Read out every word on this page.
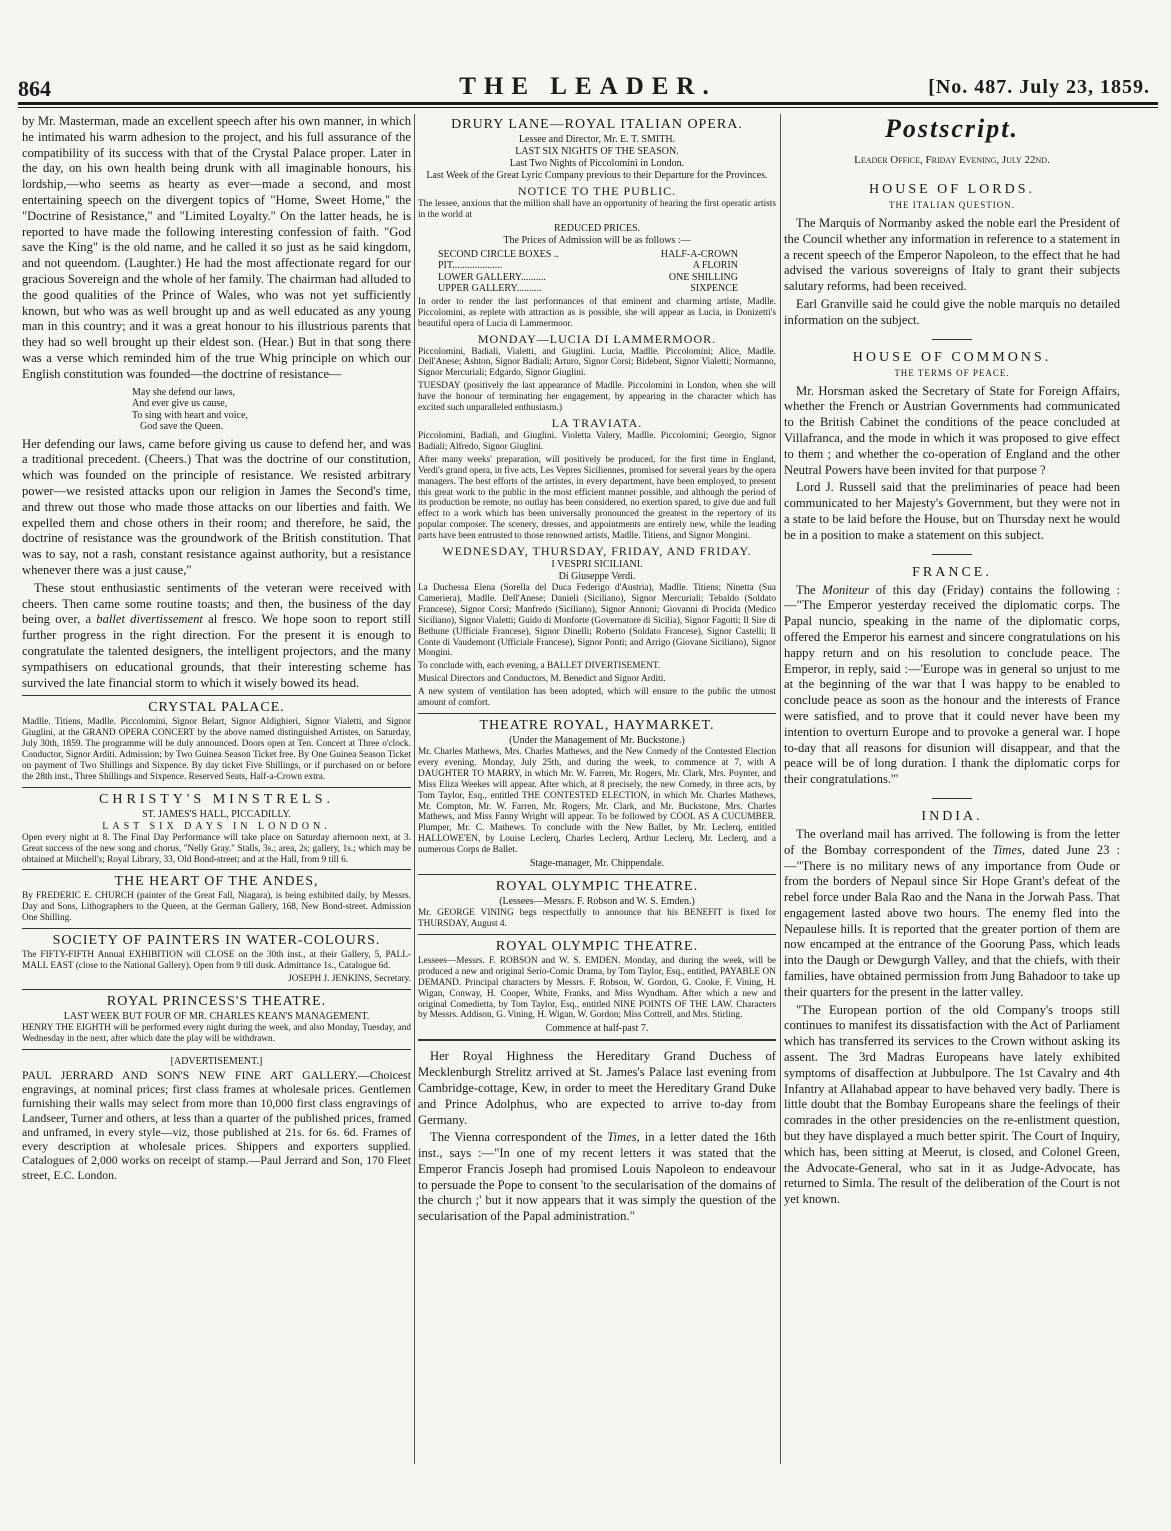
864	THE LEADER.	[No. 487. July 23, 1859.

by Mr. Masterman, made an excellent speech after his own manner, in which he intimated his warm adhesion to the project, and his full assurance of the compatibility of its success with that of the Crystal Palace proper. Later in the day, on his own health being drunk with all imaginable honours, his lordship,—who seems as hearty as ever—made a second, and most entertaining speech on the divergent topics of "Home, Sweet Home," the "Doctrine of Resistance," and "Limited Loyalty." On the latter heads, he is reported to have made the following interesting confession of faith. "God save the King" is the old name, and he called it so just as he said kingdom, and not queendom. (Laughter.) He had the most affectionate regard for our gracious Sovereign and the whole of her family. The chairman had alluded to the good qualities of the Prince of Wales, who was not yet sufficiently known, but who was as well brought up and as well educated as any young man in this country; and it was a great honour to his illustrious parents that they had so well brought up their eldest son. (Hear.) But in that song there was a verse which reminded him of the true Whig principle on which our English constitution was founded—the doctrine of resistance—

May she defend our laws,
And ever give us cause,
To sing with heart and voice,
God save the Queen.

Her defending our laws, came before giving us cause to defend her, and was a traditional precedent. (Cheers.) That was the doctrine of our constitution, which was founded on the principle of resistance. We resisted arbitrary power—we resisted attacks upon our religion in James the Second's time, and threw out those who made those attacks on our liberties and faith. We expelled them and chose others in their room; and therefore, he said, the doctrine of resistance was the groundwork of the British constitution. That was to say, not a rash, constant resistance against authority, but a resistance whenever there was a just cause,"

These stout enthusiastic sentiments of the veteran were received with cheers. Then came some routine toasts; and then, the business of the day being over, a ballet divertissement al fresco. We hope soon to report still further progress in the right direction. For the present it is enough to congratulate the talented designers, the intelligent projectors, and the many sympathisers on educational grounds, that their interesting scheme has survived the late financial storm to which it wisely bowed its head.

CRYSTAL PALACE.

Madlle. Titiens, Madlle. Piccolomini, Signor Belart, Signor Aldighieri, Signor Vialetti, and Signor Giuglini, at the GRAND OPERA CONCERT by the above named distinguished Artistes, on Saturday, July 30th, 1859. The programme will be duly announced. Doors open at Ten. Concert at Three o'clock. Conductor, Signor Arditi. Admission; by Two Guinea Season Ticket free. By One Guinea Season Ticket on payment of Two Shillings and Sixpence. By day ticket Five Shillings, or if purchased on or before the 28th inst., Three Shillings and Sixpence. Reserved Seats, Half-a-Crown extra.

CHRISTY'S MINSTRELS.
ST. JAMES'S HALL, PICCADILLY.
LAST SIX DAYS IN LONDON.

Open every night at 8. The Final Day Performance will take place on Saturday afternoon next, at 3. Great success of the new song and chorus, "Nelly Gray." Stalls, 3s.; area, 2s; gallery, 1s.; which may be obtained at Mitchell's; Royal Library, 33, Old Bond-street; and at the Hall, from 9 till 6.

THE HEART OF THE ANDES,

By FREDERIC E. CHURCH (painter of the Great Fall, Niagara), is being exhibited daily, by Messrs. Day and Sons, Lithographers to the Queen, at the German Gallery, 168, New Bond-street. Admission One Shilling.

SOCIETY OF PAINTERS IN WATER-COLOURS.

The FIFTY-FIFTH Annual EXHIBITION will CLOSE on the 30th inst., at their Gallery, 5, PALL-MALL EAST (close to the National Gallery). Open from 9 till dusk. Admittance 1s., Catalogue 6d.

JOSEPH J. JENKINS, Secretary.

ROYAL PRINCESS'S THEATRE.
LAST WEEK BUT FOUR OF MR. CHARLES KEAN'S MANAGEMENT.

HENRY THE EIGHTH will be performed every night during the week, and also Monday, Tuesday, and Wednesday in the next, after which date the play will be withdrawn.

[ADVERTISEMENT.]

PAUL JERRARD AND SON'S NEW FINE ART GALLERY.—Choicest engravings, at nominal prices; first class frames at wholesale prices. Gentlemen furnishing their walls may select from more than 10,000 first class engravings of Landseer, Turner and others, at less than a quarter of the published prices, framed and unframed, in every style—viz, those published at 21s. for 6s. 6d. Frames of every description at wholesale prices. Shippers and exporters supplied. Catalogues of 2,000 works on receipt of stamp.—Paul Jerrard and Son, 170 Fleet street, E.C. London.

DRURY LANE—ROYAL ITALIAN OPERA.
Lessee and Director, Mr. E. T. SMITH.
LAST SIX NIGHTS OF THE SEASON.
Last Two Nights of Piccolomini in London.
Last Week of the Great Lyric Company previous to their Departure for the Provinces.
NOTICE TO THE PUBLIC.

The lessee, anxious that the million shall have an opportunity of hearing the first operatic artists in the world at

REDUCED PRICES.
The Prices of Admission will be as follows :—
SECOND CIRCLE BOXES ..	HALF-A-CROWN
PIT....................	A FLORIN
LOWER GALLERY..........	ONE SHILLING
UPPER GALLERY..........	SIXPENCE

In order to render the last performances of that eminent and charming artiste, Madlle. Piccolomini, as replete with attraction as is possible, she will appear as Lucia, in Donizetti's beautiful opera of Lucia di Lammermoor.

MONDAY—LUCIA DI LAMMERMOOR.

Piccolomini, Badiali, Vialetti, and Giuglini. Lucia, Madlle. Piccolomini; Alice, Madlle. Dell'Anese; Ashton, Signor Badiali; Arturo, Signor Corsi; Bidebent, Signor Vialetti; Normanno, Signor Mercuriali; Edgardo, Signor Giuglini.

TUESDAY (positively the last appearance of Madlle. Piccolomini in London, when she will have the honour of terminating her engagement, by appearing in the character which has excited such unparalleled enthusiasm.)

LA TRAVIATA.

Piccolomini, Badiali, and Giuglini. Violetta Valery, Madlle. Piccolomini; Georgio, Signor Badiali; Alfredo, Signor Giuglini.

After many weeks' preparation, will positively be produced, for the first time in England, Verdi's grand opera, in five acts, Les Vepres Siciliennes, promised for several years by the opera managers. The best efforts of the artistes, in every department, have been employed, to present this great work to the public in the most efficient manner possible, and although the period of its production be remote, no outlay has been considered, no exertion spared, to give due and full effect to a work which has been universally pronounced the greatest in the repertory of its popular composer. The scenery, dresses, and appointments are entirely new, while the leading parts have been entrusted to those renowned artists, Madlle. Titiens, and Signor Mongini.

WEDNESDAY, THURSDAY, FRIDAY, AND FRIDAY.
I VESPRI SICILIANI.
Di Giuseppe Verdi.

La Duchessa Elena (Sorella del Duca Federigo d'Austria), Madlle. Titiens; Ninetta (Sua Cameriera), Madlle. Dell'Anese; Danieli (Siciliano), Signor Mercuriali; Tebaldo (Soldato Francese), Signor Corsi; Manfredo (Siciliano), Signor Annoni; Giovanni di Procida (Medico Siciliano), Signor Vialetti; Guido di Monforte (Governatore di Sicilia), Signor Fagotti; Il Sire di Bethune (Ufficiale Francese), Signor Dinelli; Roberto (Soldato Francese), Signor Castelli; Il Conte di Vaudemont (Ufficiale Francese), Signor Ponti; and Arrigo (Giovane Siciliano), Signor Mongini.

To conclude with, each evening, a BALLET DIVERTISEMENT.

Musical Directors and Conductors, M. Benedict and Signor Arditi.

A new system of ventilation has been adopted, which will ensure to the public the utmost amount of comfort.

THEATRE ROYAL, HAYMARKET.
(Under the Management of Mr. Buckstone.)

Mr. Charles Mathews, Mrs. Charles Mathews, and the New Comedy of the Contested Election every evening. Monday, July 25th, and during the week, to commence at 7, with A DAUGHTER TO MARRY, in which Mr. W. Farren, Mr. Rogers, Mr. Clark, Mrs. Poynter, and Miss Eliza Weekes will appear. After which, at 8 precisely, the new Comedy, in three acts, by Tom Taylor, Esq., entitled THE CONTESTED ELECTION, in which Mr. Charles Mathews, Mr. Compton, Mr. W. Farren, Mr. Rogers, Mr. Clark, and Mr. Buckstone, Mrs. Charles Mathews, and Miss Fanny Wright will appear. To be followed by COOL AS A CUCUMBER. Plumper, Mr. C. Mathews. To conclude with the New Ballet, by Mr. Leclerq, entitled HALLOWE'EN, by Louise Leclerq, Charles Leclerq, Arthur Leclerq, Mr. Leclerq, and a numerous Corps de Ballet.

Stage-manager, Mr. Chippendale.
ROYAL OLYMPIC THEATRE.
(Lessees—Messrs. F. Robson and W. S. Emden.)

Mr. GEORGE VINING begs respectfully to announce that his BENEFIT is fixed for THURSDAY, August 4.

ROYAL OLYMPIC THEATRE.

Lessees—Messrs. F. ROBSON and W. S. EMDEN. Monday, and during the week, will be produced a new and original Serio-Comic Drama, by Tom Taylor, Esq., entitled, PAYABLE ON DEMAND. Principal characters by Messrs. F. Robson, W. Gordon, G. Cooke, F. Vining, H. Wigan, Conway, H. Cooper, White, Franks, and Miss Wyndham. After which a new and original Comedietta, by Tom Taylor, Esq., entitled NINE POINTS OF THE LAW. Characters by Messrs. Addison, G. Vining, H. Wigan, W. Gordon; Miss Cottrell, and Mrs. Stirling.

Commence at half-past 7.

Her Royal Highness the Hereditary Grand Duchess of Mecklenburgh Strelitz arrived at St. James's Palace last evening from Cambridge-cottage, Kew, in order to meet the Hereditary Grand Duke and Prince Adolphus, who are expected to arrive to-day from Germany.

The Vienna correspondent of the Times, in a letter dated the 16th inst., says :—"In one of my recent letters it was stated that the Emperor Francis Joseph had promised Louis Napoleon to endeavour to persuade the Pope to consent 'to the secularisation of the domains of the church ;' but it now appears that it was simply the question of the secularisation of the Papal administration."

Postscript.
Leader Office, Friday Evening, July 22nd.
HOUSE OF LORDS.
THE ITALIAN QUESTION.

The Marquis of Normanby asked the noble earl the President of the Council whether any information in reference to a statement in a recent speech of the Emperor Napoleon, to the effect that he had advised the various sovereigns of Italy to grant their subjects salutary reforms, had been received.

Earl Granville said he could give the noble marquis no detailed information on the subject.

HOUSE OF COMMONS.
THE TERMS OF PEACE.

Mr. Horsman asked the Secretary of State for Foreign Affairs, whether the French or Austrian Governments had communicated to the British Cabinet the conditions of the peace concluded at Villafranca, and the mode in which it was proposed to give effect to them ; and whether the co-operation of England and the other Neutral Powers have been invited for that purpose ?

Lord J. Russell said that the preliminaries of peace had been communicated to her Majesty's Government, but they were not in a state to be laid before the House, but on Thursday next he would be in a position to make a statement on this subject.

FRANCE.

The Moniteur of this day (Friday) contains the following :—"The Emperor yesterday received the diplomatic corps. The Papal nuncio, speaking in the name of the diplomatic corps, offered the Emperor his earnest and sincere congratulations on his happy return and on his resolution to conclude peace. The Emperor, in reply, said :—'Europe was in general so unjust to me at the beginning of the war that I was happy to be enabled to conclude peace as soon as the honour and the interests of France were satisfied, and to prove that it could never have been my intention to overturn Europe and to provoke a general war. I hope to-day that all reasons for disunion will disappear, and that the peace will be of long duration. I thank the diplomatic corps for their congratulations.'"

INDIA.

The overland mail has arrived. The following is from the letter of the Bombay correspondent of the Times, dated June 23 :—"There is no military news of any importance from Oude or from the borders of Nepaul since Sir Hope Grant's defeat of the rebel force under Bala Rao and the Nana in the Jorwah Pass. That engagement lasted above two hours. The enemy fled into the Nepaulese hills. It is reported that the greater portion of them are now encamped at the entrance of the Goorung Pass, which leads into the Daugh or Dewgurgh Valley, and that the chiefs, with their families, have obtained permission from Jung Bahadoor to take up their quarters for the present in the latter valley.

"The European portion of the old Company's troops still continues to manifest its dissatisfaction with the Act of Parliament which has transferred its services to the Crown without asking its assent. The 3rd Madras Europeans have lately exhibited symptoms of disaffection at Jubbulpore. The 1st Cavalry and 4th Infantry at Allahabad appear to have behaved very badly. There is little doubt that the Bombay Europeans share the feelings of their comrades in the other presidencies on the re-enlistment question, but they have displayed a much better spirit. The Court of Inquiry, which has, been sitting at Meerut, is closed, and Colonel Green, the Advocate-General, who sat in it as Judge-Advocate, has returned to Simla. The result of the deliberation of the Court is not yet known.
